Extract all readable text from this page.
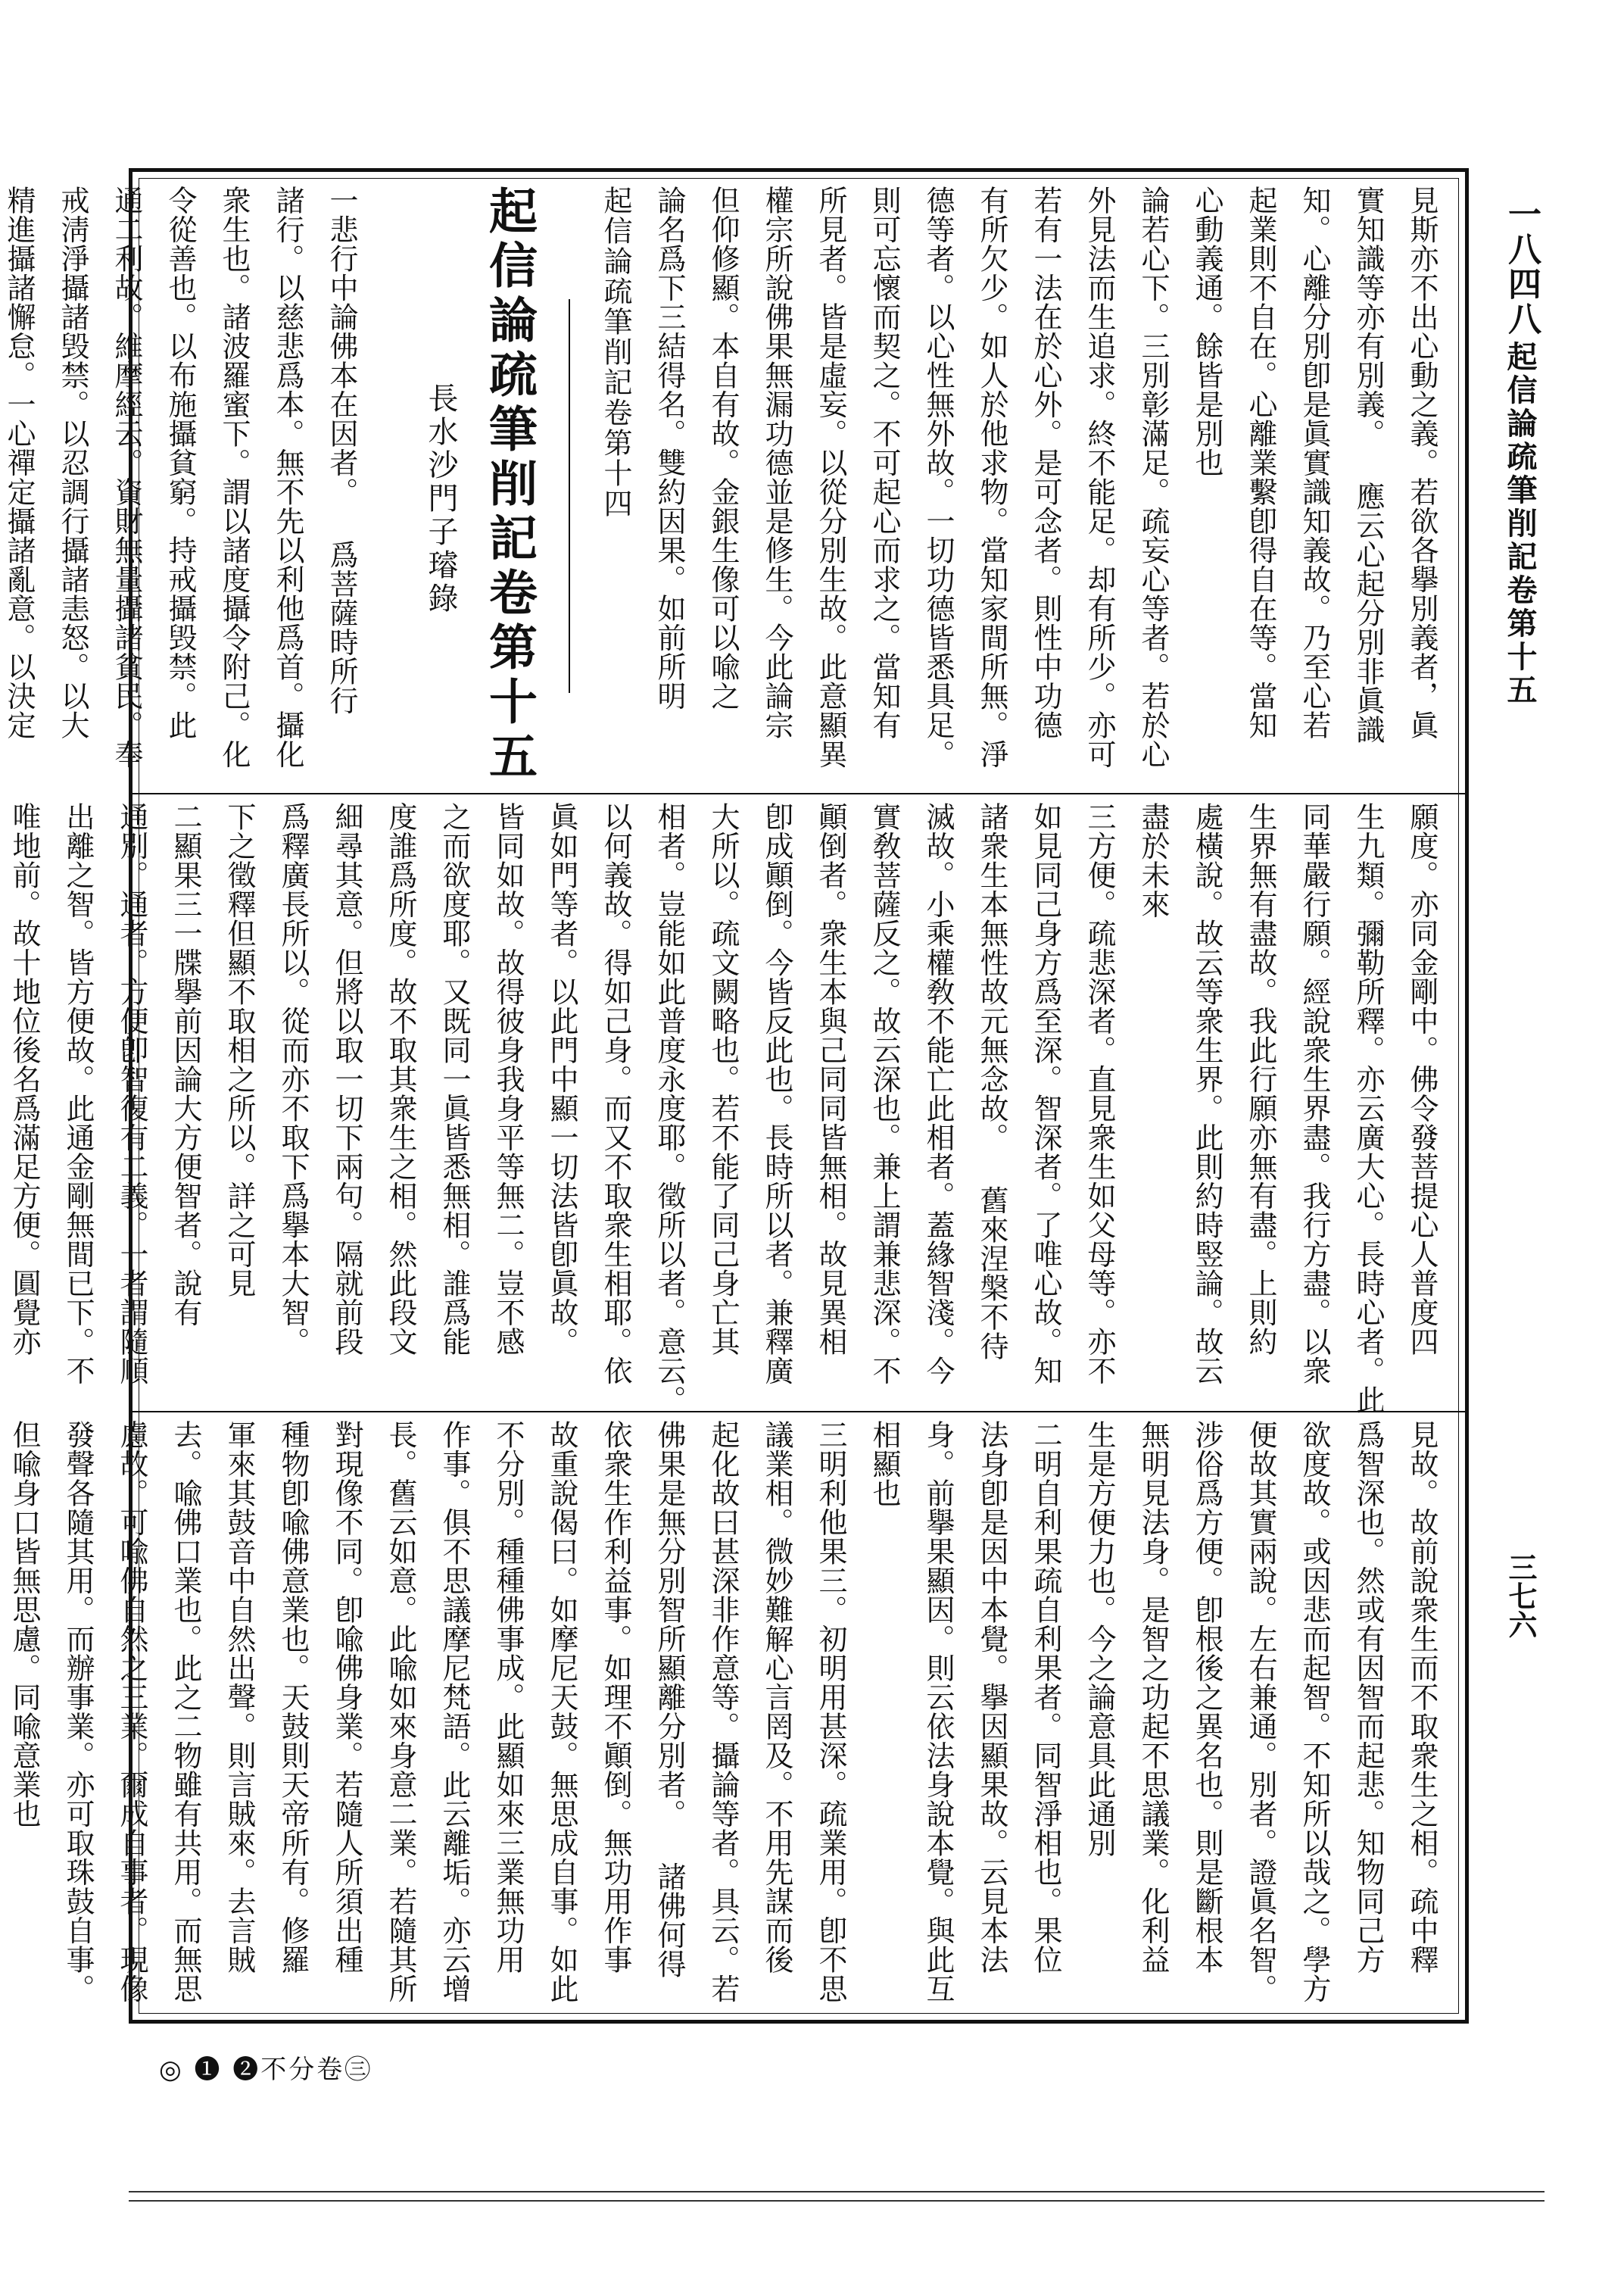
一八四八
起信論疏筆削記卷第十五
三七六
見斯亦不出心動之義。若欲各擧別義者，眞
實知識等亦有別義。 應云心起分別非眞識
知。心離分別卽是眞實識知義故。乃至心若
起業則不自在。心離業繫卽得自在等。當知
心動義通。餘皆是別也
論若心下。三別彰滿足。疏妄心等者。若於心
外見法而生追求。終不能足。却有所少。亦可
若有一法在於心外。是可念者。則性中功德
有所欠少。如人於他求物。當知家間所無。淨
德等者。以心性無外故。一切功德皆悉具足。
則可忘懷而契之。不可起心而求之。當知有
所見者。皆是虛妄。以從分別生故。此意顯異
權宗所說佛果無漏功德並是修生。今此論宗
但仰修顯。本自有故。金銀生像可以喩之
論名爲下三結得名。雙約因果。如前所明
起信論疏筆削記卷第十四
起信論疏筆削記卷第十五
長水沙門子璿錄
一悲行中論佛本在因者。 爲菩薩時所行
諸行。以慈悲爲本。無不先以利他爲首。攝化
衆生也。諸波羅蜜下。謂以諸度攝令附己。化
令從善也。以布施攝貧窮。持戒攝毁禁。此
通二利故。維摩經云。資財無量攝諸貧民。奉
戒淸淨攝諸毁禁。以忍調行攝諸恚怒。以大
精進攝諸懈怠。一心禪定攝諸亂意。以決定
願度。亦同金剛中。佛令發菩提心人普度四
生九類。彌勒所釋。亦云廣大心。長時心者。此
同華嚴行願。經說衆生界盡。我行方盡。以衆
生界無有盡故。我此行願亦無有盡。上則約
處橫說。故云等衆生界。此則約時竪論。故云
盡於未來
三方便。疏悲深者。直見衆生如父母等。亦不
如見同己身方爲至深。智深者。了唯心故。知
諸衆生本無性故元無念故。 舊來涅槃不待
滅故。小乘權敎不能亡此相者。蓋緣智淺。今
實敎菩薩反之。故云深也。兼上謂兼悲深。不
顚倒者。衆生本與己同同皆無相。故見異相
卽成顚倒。今皆反此也。長時所以者。兼釋廣
大所以。疏文闕略也。若不能了同己身亡其
相者。豈能如此普度永度耶。徵所以者。意云。
以何義故。得如己身。而又不取衆生相耶。依
眞如門等者。以此門中顯一切法皆卽眞故。
皆同如故。故得彼身我身平等無二。豈不感
之而欲度耶。又既同一眞皆悉無相。誰爲能
度誰爲所度。故不取其衆生之相。然此段文
細尋其意。但將以取一切下兩句。隔就前段
爲釋廣長所以。從而亦不取下爲擧本大智。
下之徵釋但顯不取相之所以。詳之可見
二顯果三一牒擧前因論大方便智者。說有
通別。通者。方便卽智復有二義。一者謂隨順
出離之智。皆方便故。此通金剛無間已下。不
唯地前。故十地位後名爲滿足方便。圓覺亦
見故。故前說衆生而不取衆生之相。疏中釋
爲智深也。然或有因智而起悲。知物同己方
欲度故。或因悲而起智。不知所以哉之。學方
便故其實兩說。左右兼通。別者。證眞名智。
涉俗爲方便。卽根後之異名也。則是斷根本
無明見法身。是智之功起不思議業。化利益
生是方便力也。今之論意具此通別
二明自利果疏自利果者。同智淨相也。果位
法身卽是因中本覺。擧因顯果故。云見本法
身。前擧果顯因。則云依法身說本覺。與此互
相顯也
三明利他果三。初明用甚深。疏業用。卽不思
議業相。微妙難解心言罔及。不用先謀而後
起化故曰甚深非作意等。攝論等者。具云。若
佛果是無分別智所顯離分別者。 諸佛何得
依衆生作利益事。如理不顚倒。無功用作事
故重說偈曰。如摩尼天鼓。無思成自事。如此
不分別。種種佛事成。此顯如來三業無功用
作事。俱不思議摩尼梵語。此云離垢。亦云增
長。舊云如意。此喩如來身意二業。若隨其所
對現像不同。卽喩佛身業。若隨人所須出種
種物卽喩佛意業也。天鼓則天帝所有。修羅
軍來其鼓音中自然出聲。則言賊來。去言賊
去。喩佛口業也。此之二物雖有共用。而無思
慮故。可喩佛自然之三業。爾成自事者。現像
發聲各隨其用。而辦事業。亦可取珠鼓自事。
但喩身口皆無思慮。同喩意業也
◎ ❶ ❷不分卷㊂
